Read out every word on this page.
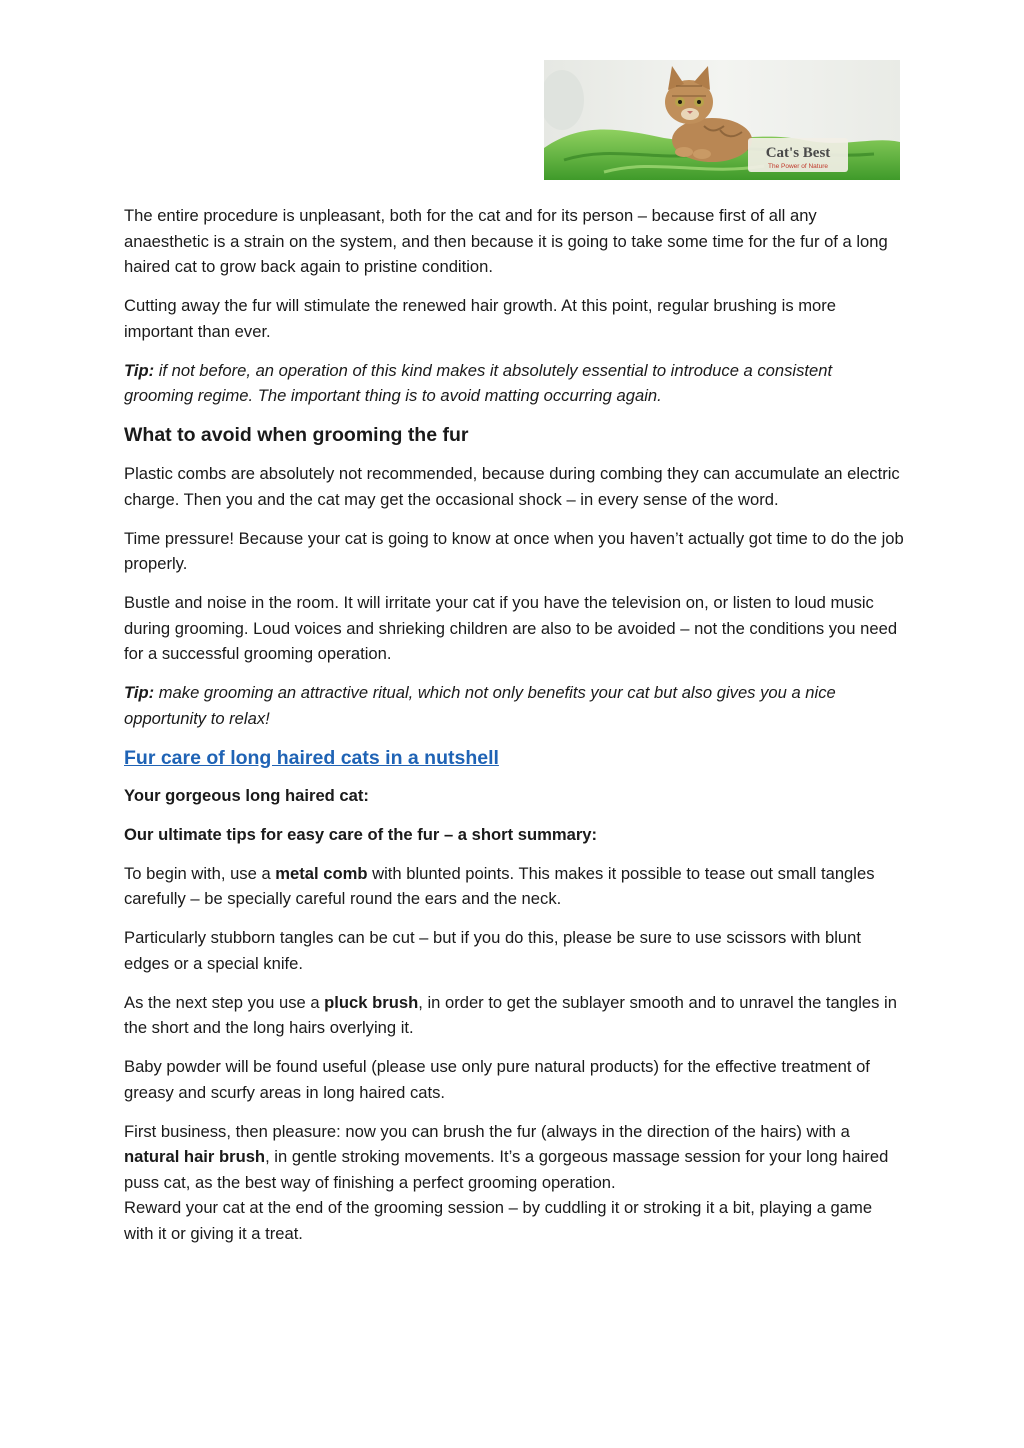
Cat's Best
The Power of Nature

The entire procedure is unpleasant, both for the cat and for its person – because first of all any anaesthetic is a strain on the system, and then because it is going to take some time for the fur of a long haired cat to grow back again to pristine condition.

Cutting away the fur will stimulate the renewed hair growth. At this point, regular brushing is more important than ever.

Tip: if not before, an operation of this kind makes it absolutely essential to introduce a consistent grooming regime. The important thing is to avoid matting occurring again.

What to avoid when grooming the fur

Plastic combs are absolutely not recommended, because during combing they can accumulate an electric charge. Then you and the cat may get the occasional shock – in every sense of the word.

Time pressure! Because your cat is going to know at once when you haven’t actually got time to do the job properly.

Bustle and noise in the room. It will irritate your cat if you have the television on, or listen to loud music during grooming. Loud voices and shrieking children are also to be avoided – not the conditions you need for a successful grooming operation.

Tip: make grooming an attractive ritual, which not only benefits your cat but also gives you a nice opportunity to relax!

Fur care of long haired cats in a nutshell

Your gorgeous long haired cat:

Our ultimate tips for easy care of the fur – a short summary:

To begin with, use a metal comb with blunted points. This makes it possible to tease out small tangles carefully – be specially careful round the ears and the neck.

Particularly stubborn tangles can be cut – but if you do this, please be sure to use scissors with blunt edges or a special knife.

As the next step you use a pluck brush, in order to get the sublayer smooth and to unravel the tangles in the short and the long hairs overlying it.

Baby powder will be found useful (please use only pure natural products) for the effective treatment of greasy and scurfy areas in long haired cats.

First business, then pleasure: now you can brush the fur (always in the direction of the hairs) with a natural hair brush, in gentle stroking movements. It’s a gorgeous massage session for your long haired puss cat, as the best way of finishing a perfect grooming operation.

Reward your cat at the end of the grooming session – by cuddling it or stroking it a bit, playing a game with it or giving it a treat.
